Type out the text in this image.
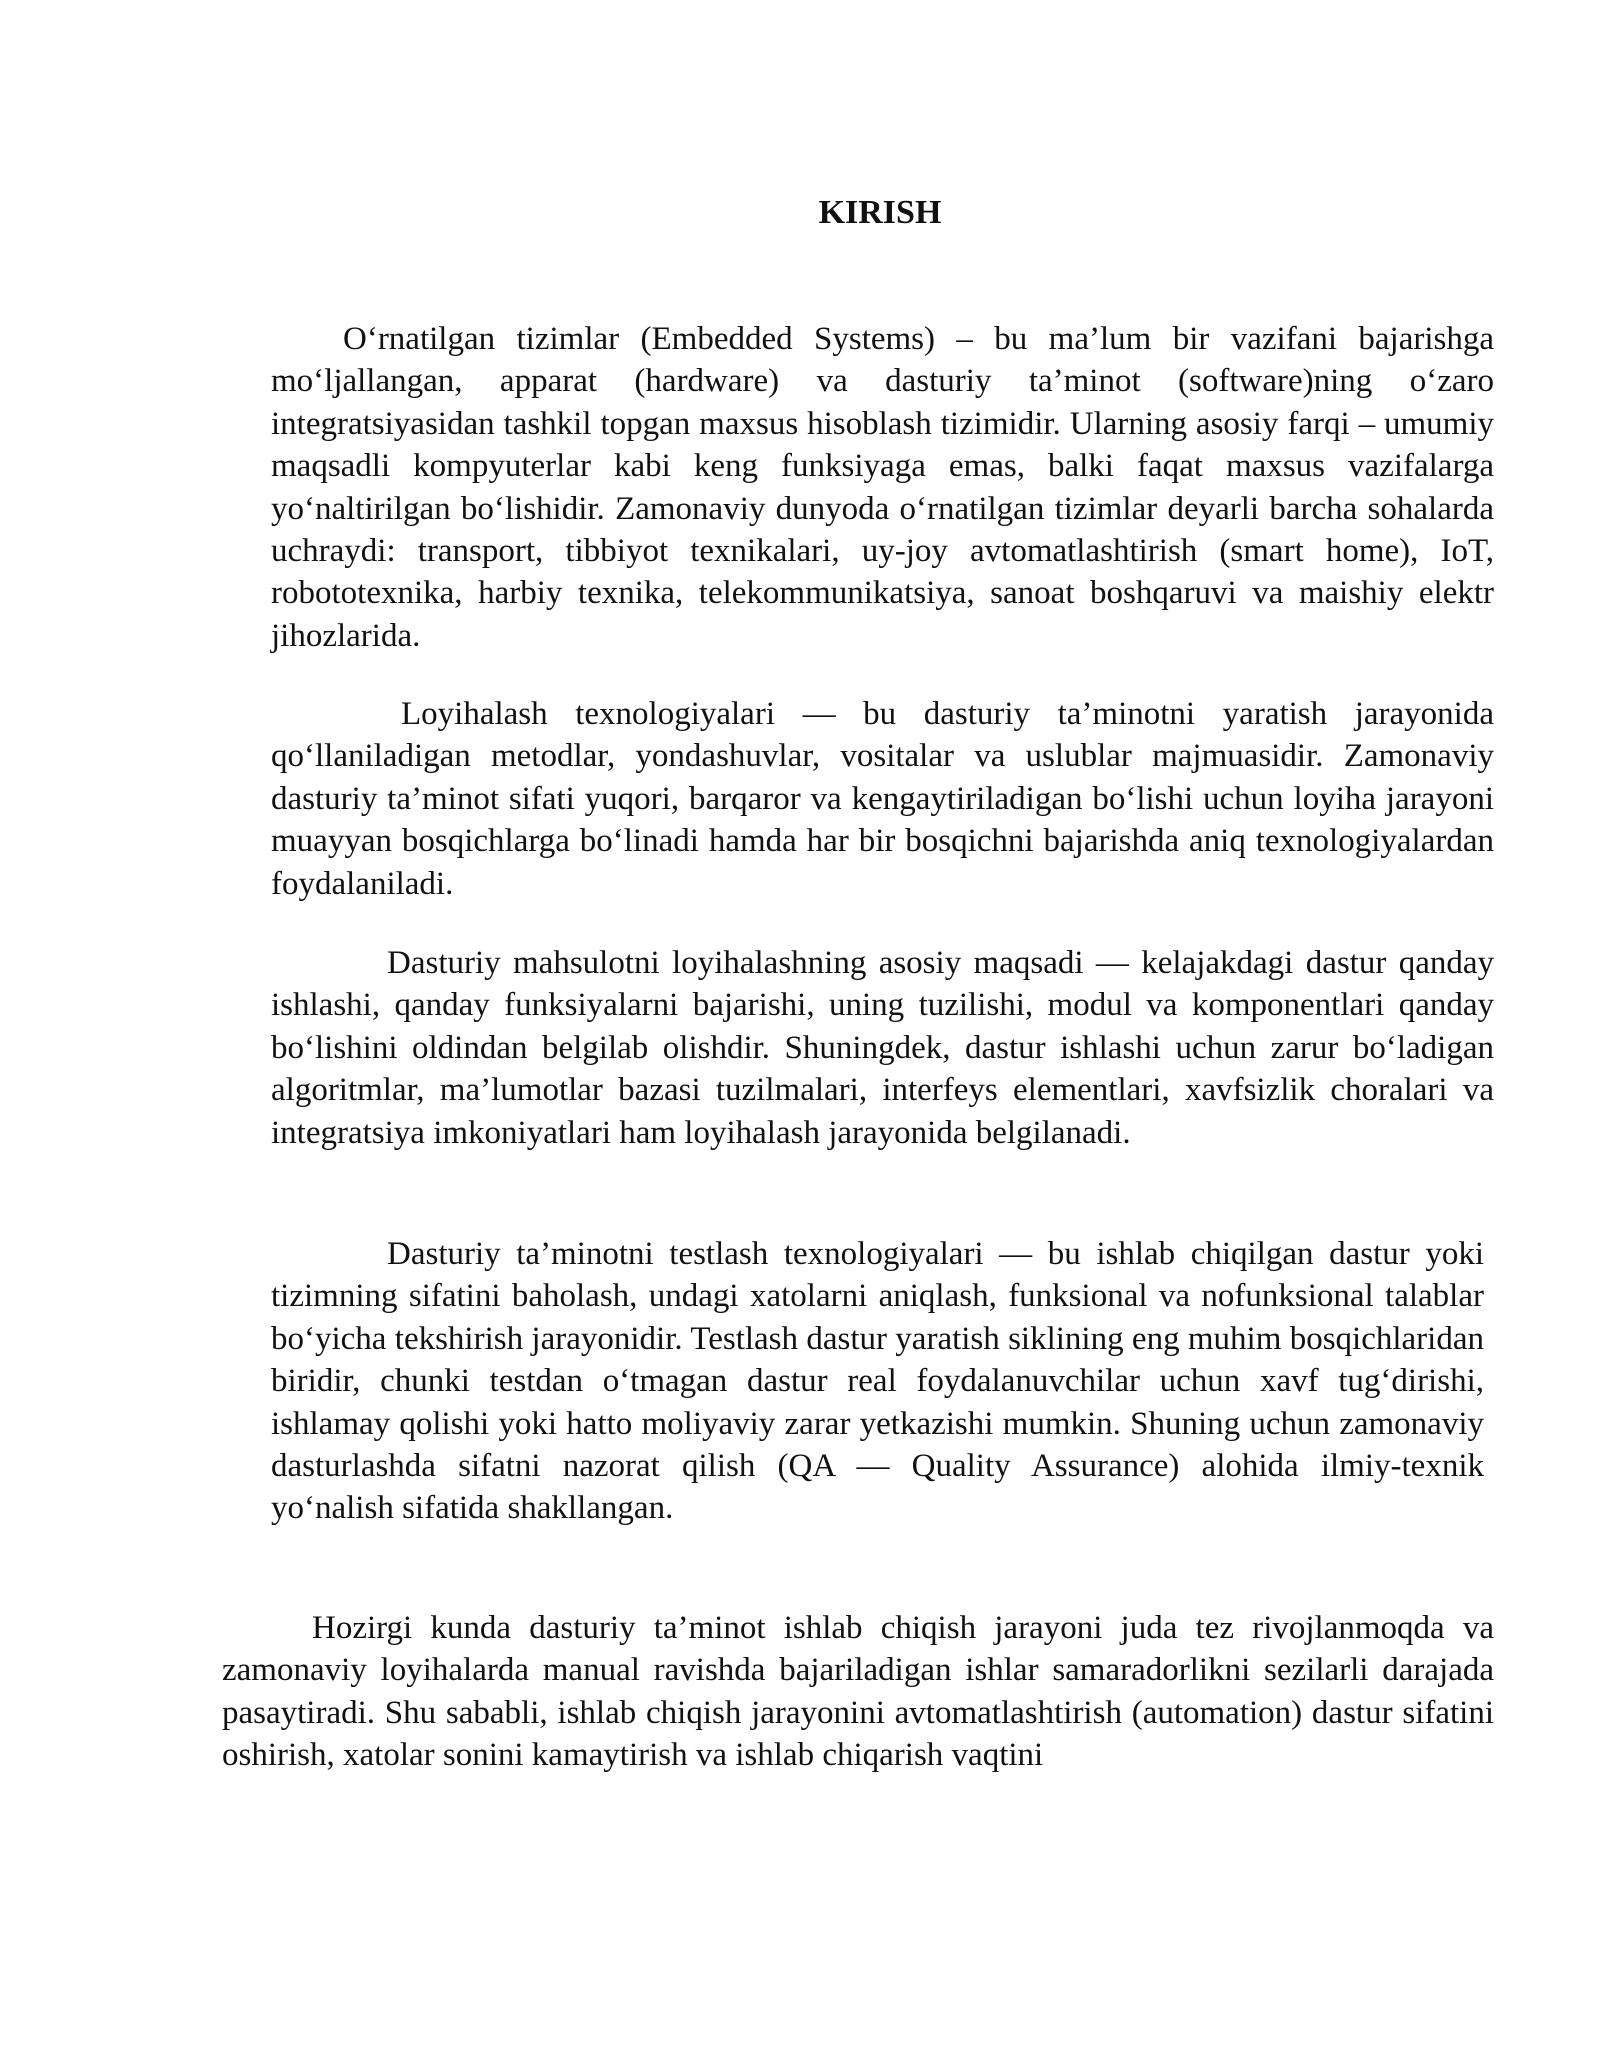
KIRISH

O‘rnatilgan tizimlar (Embedded Systems) – bu ma’lum bir vazifani bajarishga mo‘ljallangan, apparat (hardware) va dasturiy ta’minot (software)ning o‘zaro integratsiyasidan tashkil topgan maxsus hisoblash tizimidir. Ularning asosiy farqi – umumiy maqsadli kompyuterlar kabi keng funksiyaga emas, balki faqat maxsus vazifalarga yo‘naltirilgan bo‘lishidir. Zamonaviy dunyoda o‘rnatilgan tizimlar deyarli barcha sohalarda uchraydi: transport, tibbiyot texnikalari, uy-joy avtomatlashtirish (smart home), IoT, robototexnika, harbiy texnika, telekommunikatsiya, sanoat boshqaruvi va maishiy elektr jihozlarida.

Loyihalash texnologiyalari — bu dasturiy ta’minotni yaratish jarayonida qo‘llaniladigan metodlar, yondashuvlar, vositalar va uslublar majmuasidir. Zamonaviy dasturiy ta’minot sifati yuqori, barqaror va kengaytiriladigan bo‘lishi uchun loyiha jarayoni muayyan bosqichlarga bo‘linadi hamda har bir bosqichni bajarishda aniq texnologiyalardan foydalaniladi.

Dasturiy mahsulotni loyihalashning asosiy maqsadi — kelajakdagi dastur qanday ishlashi, qanday funksiyalarni bajarishi, uning tuzilishi, modul va komponentlari qanday bo‘lishini oldindan belgilab olishdir. Shuningdek, dastur ishlashi uchun zarur bo‘ladigan algoritmlar, ma’lumotlar bazasi tuzilmalari, interfeys elementlari, xavfsizlik choralari va integratsiya imkoniyatlari ham loyihalash jarayonida belgilanadi.

Dasturiy ta’minotni testlash texnologiyalari — bu ishlab chiqilgan dastur yoki tizimning sifatini baholash, undagi xatolarni aniqlash, funksional va nofunksional talablar bo‘yicha tekshirish jarayonidir. Testlash dastur yaratish siklining eng muhim bosqichlaridan biridir, chunki testdan o‘tmagan dastur real foydalanuvchilar uchun xavf tug‘dirishi, ishlamay qolishi yoki hatto moliyaviy zarar yetkazishi mumkin. Shuning uchun zamonaviy dasturlashda sifatni nazorat qilish (QA — Quality Assurance) alohida ilmiy-texnik yo‘nalish sifatida shakllangan.

Hozirgi kunda dasturiy ta’minot ishlab chiqish jarayoni juda tez rivojlanmoqda va zamonaviy loyihalarda manual ravishda bajariladigan ishlar samaradorlikni sezilarli darajada pasaytiradi. Shu sababli, ishlab chiqish jarayonini avtomatlashtirish (automation) dastur sifatini oshirish, xatolar sonini kamaytirish va ishlab chiqarish vaqtini
